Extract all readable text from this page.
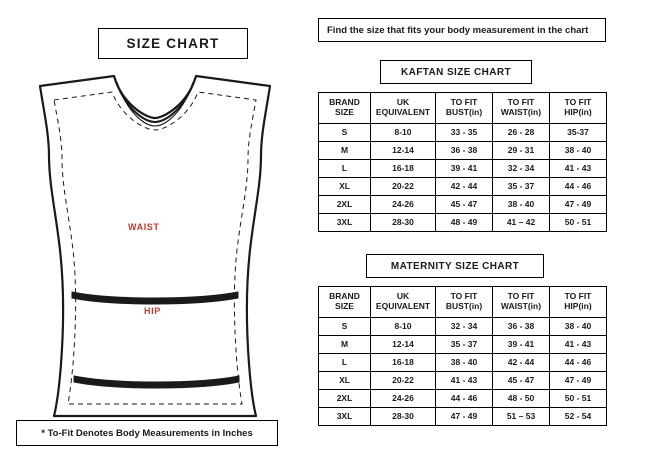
SIZE CHART
WAIST
HIP
* To-Fit Denotes Body Measurements in Inches
Find the size that fits your body measurement in the chart
KAFTAN SIZE CHART
BRAND
SIZE

UK
EQUIVALENT

TO FIT
BUST(in)

TO FIT
WAIST(in)

TO FIT
HIP(in)

S	8-10	33 - 35	26 - 28	35-37
M	12-14	36 - 38	29 - 31	38 - 40
L	16-18	39 - 41	32 - 34	41 - 43
XL	20-22	42 - 44	35 - 37	44 - 46
2XL	24-26	45 - 47	38 - 40	47 - 49
3XL	28-30	48 - 49	41 – 42	50 - 51
MATERNITY SIZE CHART
BRAND
SIZE

UK
EQUIVALENT

TO FIT
BUST(in)

TO FIT
WAIST(in)

TO FIT
HIP(in)

S	8-10	32 - 34	36 - 38	38 - 40
M	12-14	35 - 37	39 - 41	41 - 43
L	16-18	38 - 40	42 - 44	44 - 46
XL	20-22	41 - 43	45 - 47	47 - 49
2XL	24-26	44 - 46	48 - 50	50 - 51
3XL	28-30	47 - 49	51 – 53	52 - 54
